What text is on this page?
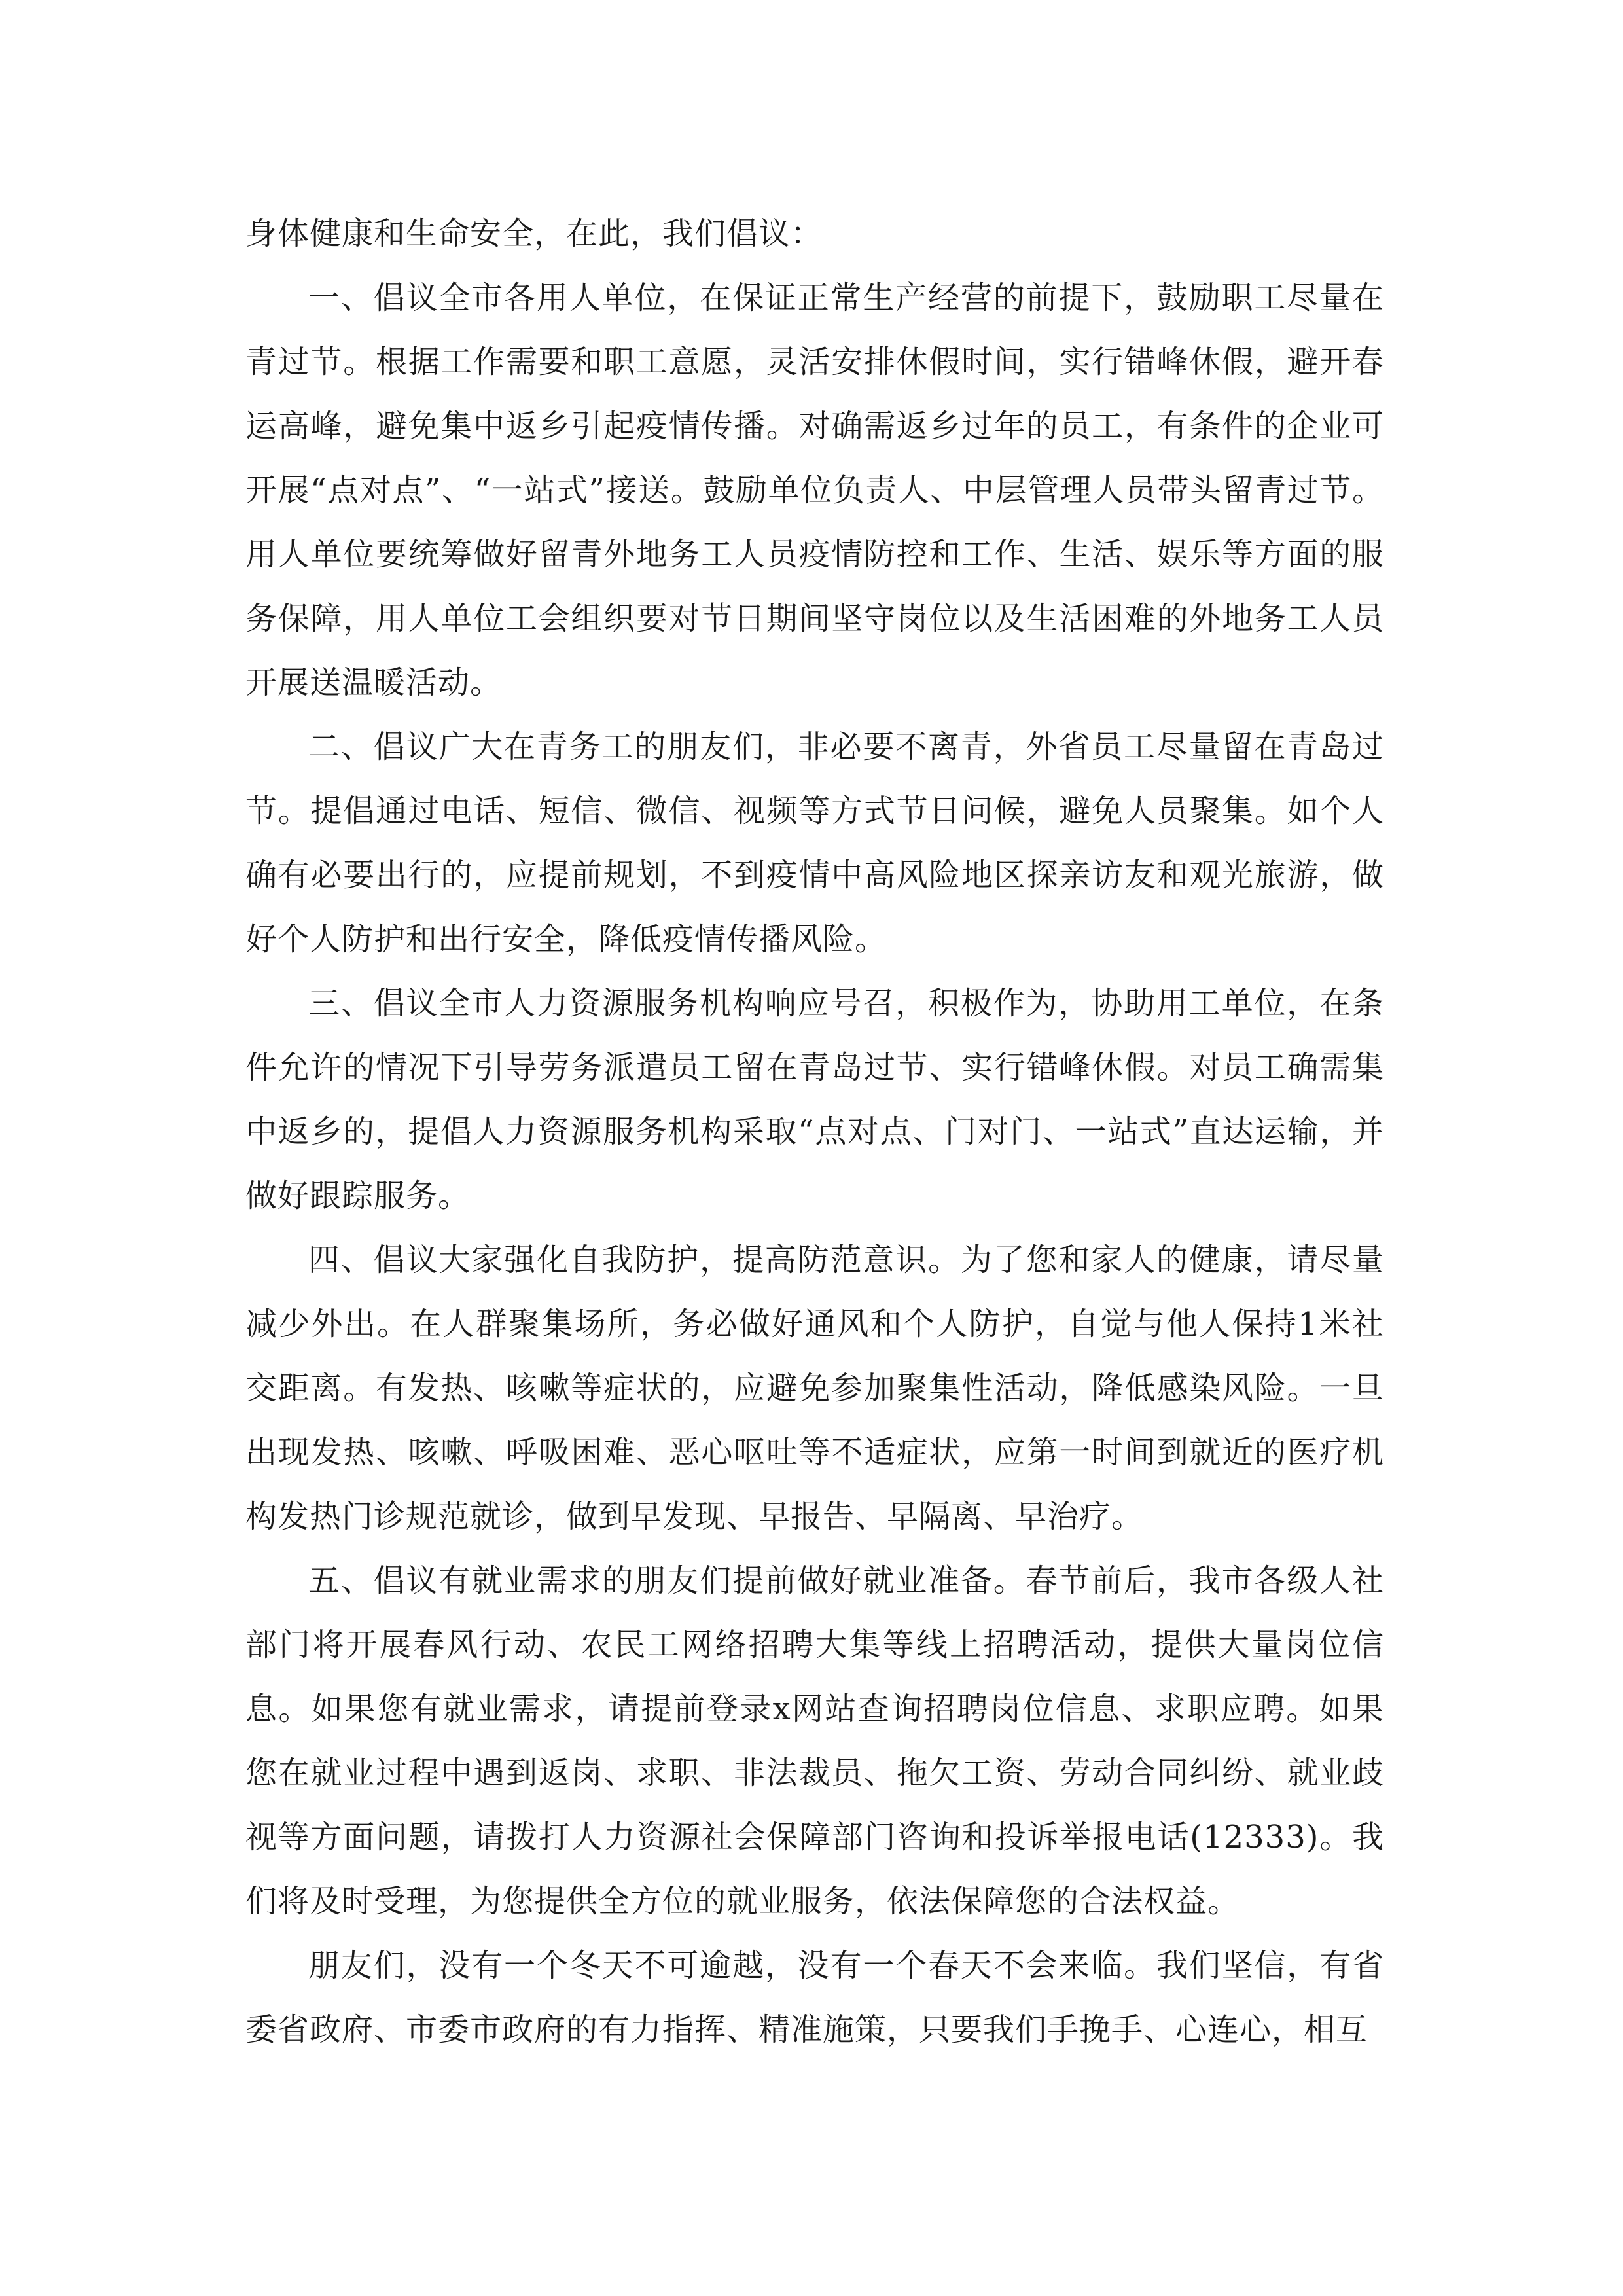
身体健康和生命安全，在此，我们倡议：

一、倡议全市各用人单位，在保证正常生产经营的前提下，鼓励职工尽量在青过节。根据工作需要和职工意愿，灵活安排休假时间，实行错峰休假，避开春运高峰，避免集中返乡引起疫情传播。对确需返乡过年的员工，有条件的企业可开展“点对点”、“一站式”接送。鼓励单位负责人、中层管理人员带头留青过节。用人单位要统筹做好留青外地务工人员疫情防控和工作、生活、娱乐等方面的服务保障，用人单位工会组织要对节日期间坚守岗位以及生活困难的外地务工人员开展送温暖活动。

二、倡议广大在青务工的朋友们，非必要不离青，外省员工尽量留在青岛过节。提倡通过电话、短信、微信、视频等方式节日问候，避免人员聚集。如个人确有必要出行的，应提前规划，不到疫情中高风险地区探亲访友和观光旅游，做好个人防护和出行安全，降低疫情传播风险。

三、倡议全市人力资源服务机构响应号召，积极作为，协助用工单位，在条件允许的情况下引导劳务派遣员工留在青岛过节、实行错峰休假。对员工确需集中返乡的，提倡人力资源服务机构采取“点对点、门对门、一站式”直达运输，并做好跟踪服务。

四、倡议大家强化自我防护，提高防范意识。为了您和家人的健康，请尽量减少外出。在人群聚集场所，务必做好通风和个人防护，自觉与他人保持1米社交距离。有发热、咳嗽等症状的，应避免参加聚集性活动，降低感染风险。一旦出现发热、咳嗽、呼吸困难、恶心呕吐等不适症状，应第一时间到就近的医疗机构发热门诊规范就诊，做到早发现、早报告、早隔离、早治疗。

五、倡议有就业需求的朋友们提前做好就业准备。春节前后，我市各级人社部门将开展春风行动、农民工网络招聘大集等线上招聘活动，提供大量岗位信息。如果您有就业需求，请提前登录x网站查询招聘岗位信息、求职应聘。如果您在就业过程中遇到返岗、求职、非法裁员、拖欠工资、劳动合同纠纷、就业歧视等方面问题，请拨打人力资源社会保障部门咨询和投诉举报电话(12333)。我们将及时受理，为您提供全方位的就业服务，依法保障您的合法权益。

朋友们，没有一个冬天不可逾越，没有一个春天不会来临。我们坚信，有省委省政府、市委市政府的有力指挥、精准施策，只要我们手挽手、心连心，相互
